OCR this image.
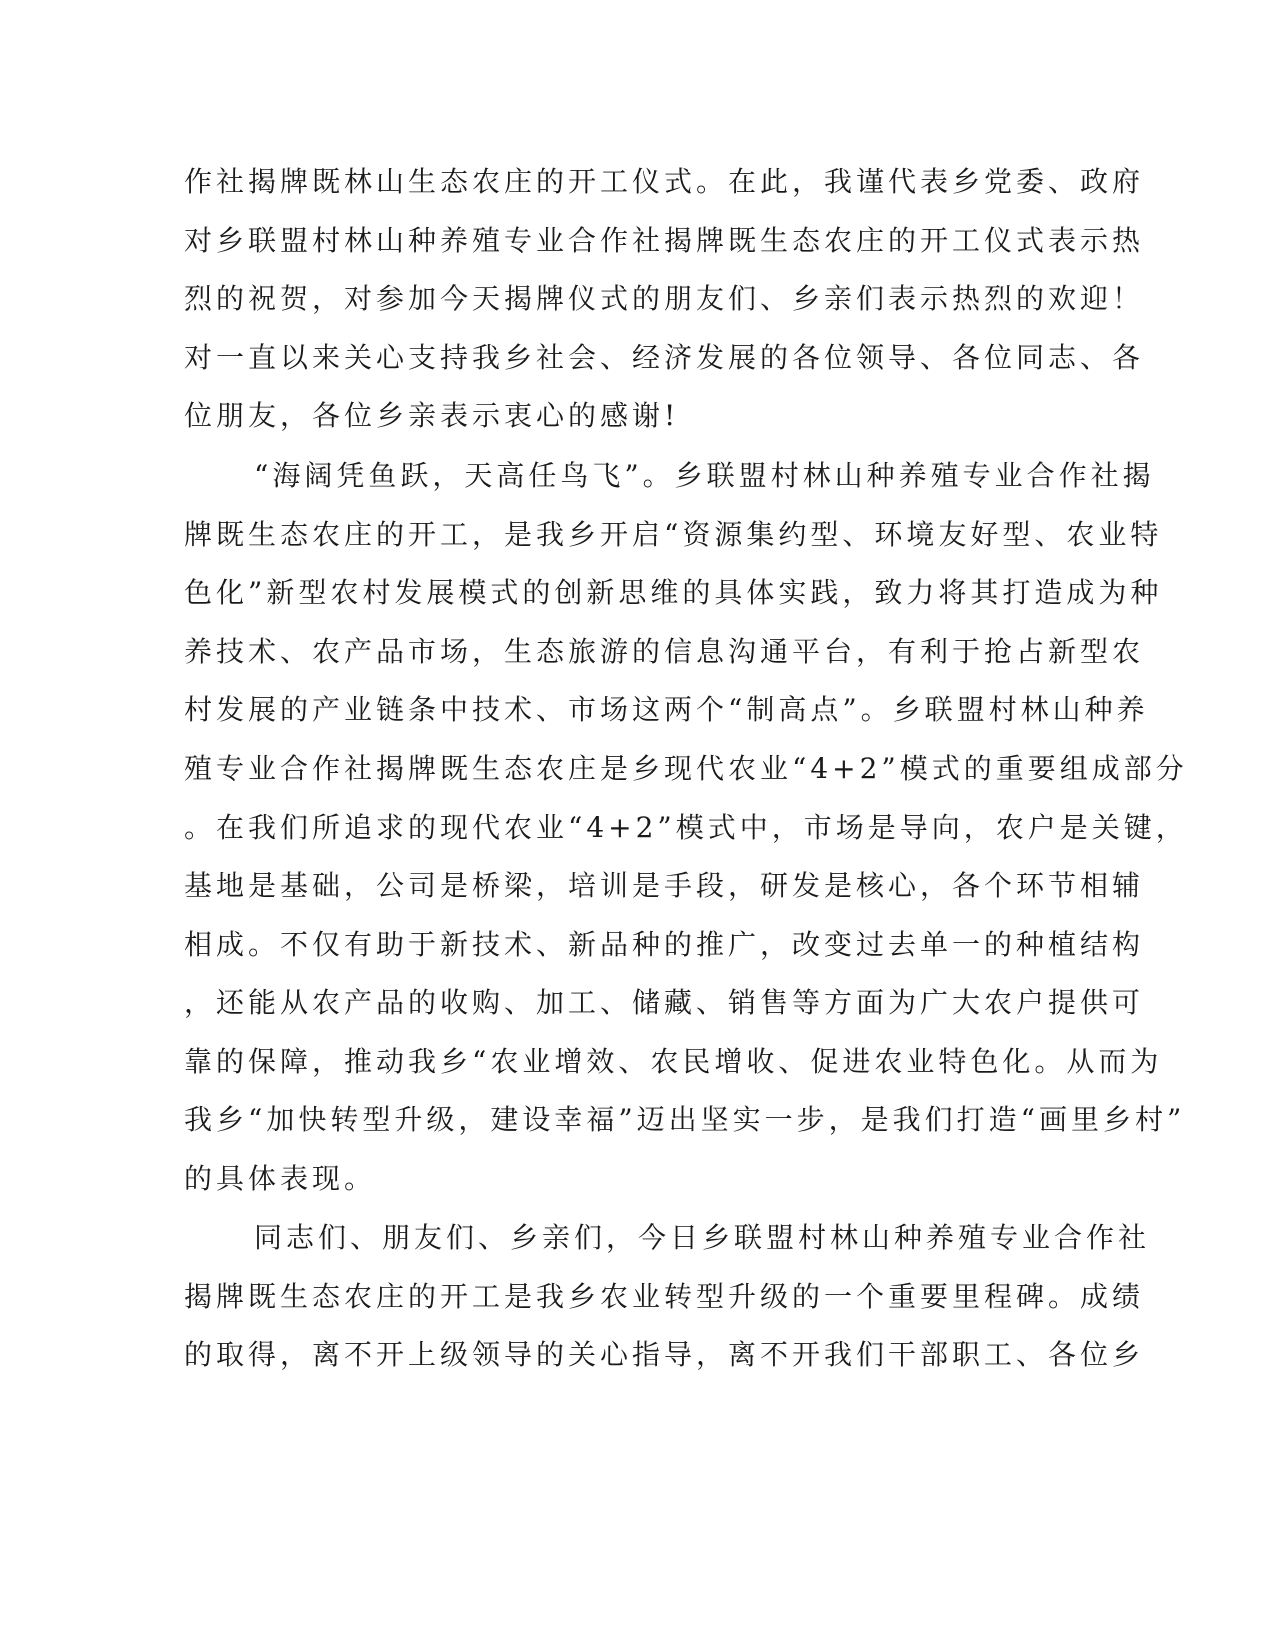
作社揭牌既林山生态农庄的开工仪式。在此，我谨代表乡党委、政府
对乡联盟村林山种养殖专业合作社揭牌既生态农庄的开工仪式表示热
烈的祝贺，对参加今天揭牌仪式的朋友们、乡亲们表示热烈的欢迎！
对一直以来关心支持我乡社会、经济发展的各位领导、各位同志、各
位朋友，各位乡亲表示衷心的感谢!
“海阔凭鱼跃，天高任鸟飞”。乡联盟村林山种养殖专业合作社揭
牌既生态农庄的开工，是我乡开启“资源集约型、环境友好型、农业特
色化”新型农村发展模式的创新思维的具体实践，致力将其打造成为种
养技术、农产品市场，生态旅游的信息沟通平台，有利于抢占新型农
村发展的产业链条中技术、市场这两个“制高点”。乡联盟村林山种养
殖专业合作社揭牌既生态农庄是乡现代农业“4+2”模式的重要组成部分
。在我们所追求的现代农业“4+2”模式中，市场是导向，农户是关键，
基地是基础，公司是桥梁，培训是手段，研发是核心，各个环节相辅
相成。不仅有助于新技术、新品种的推广，改变过去单一的种植结构
，还能从农产品的收购、加工、储藏、销售等方面为广大农户提供可
靠的保障，推动我乡“农业增效、农民增收、促进农业特色化。从而为
我乡“加快转型升级，建设幸福”迈出坚实一步，是我们打造“画里乡村”
的具体表现。
同志们、朋友们、乡亲们，今日乡联盟村林山种养殖专业合作社
揭牌既生态农庄的开工是我乡农业转型升级的一个重要里程碑。成绩
的取得，离不开上级领导的关心指导，离不开我们干部职工、各位乡
